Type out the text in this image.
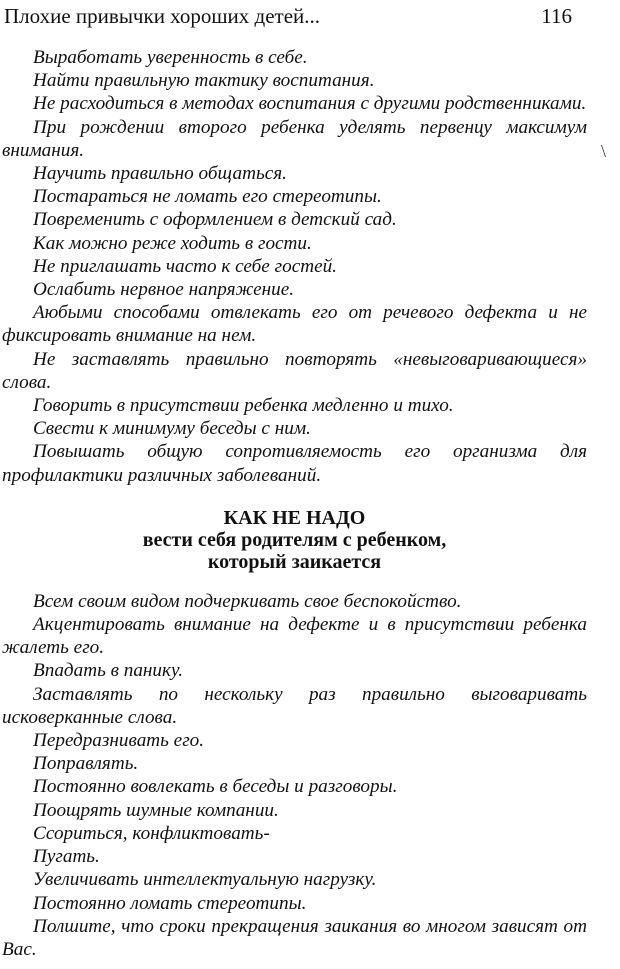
Плохие привычки хороших детей...	116
\

Выработать уверенность в себе.

Найти правильную тактику воспитания.

Не расходиться в методах воспитания с другими родственниками.

При рождении второго ребенка уделять первенцу максимум внимания.

Научить правильно общаться.

Постараться не ломать его стереотипы.

Повременить с оформлением в детский сад.

Как можно реже ходить в гости.

Не приглашать часто к себе гостей.

Ослабить нервное напряжение.

Аюбыми способами отвлекать его от речевого дефекта и не фиксировать внимание на нем.

Не заставлять правильно повторять «невыговаривающиеся» слова.

Говорить в присутствии ребенка медленно и тихо.

Свести к минимуму беседы с ним.

Повышать общую сопротивляемость его организма для профилактики различных заболеваний.

КАК НЕ НАДО
вести себя родителям с ребенком,
который заикается

Всем своим видом подчеркивать свое беспокойство.

Акцентировать внимание на дефекте и в присутствии ребенка жалеть его.

Впадать в панику.

Заставлять по нескольку раз правильно выговаривать исковерканные слова.

Передразнивать его.

Поправлять.

Постоянно вовлекать в беседы и разговоры.

Поощрять шумные компании.

Ссориться, конфликтовать-

Пугать.

Увеличивать интеллектуальную нагрузку.

Постоянно ломать стереотипы.

Полшите, что сроки прекращения заикания во многом зависят от Вас.
